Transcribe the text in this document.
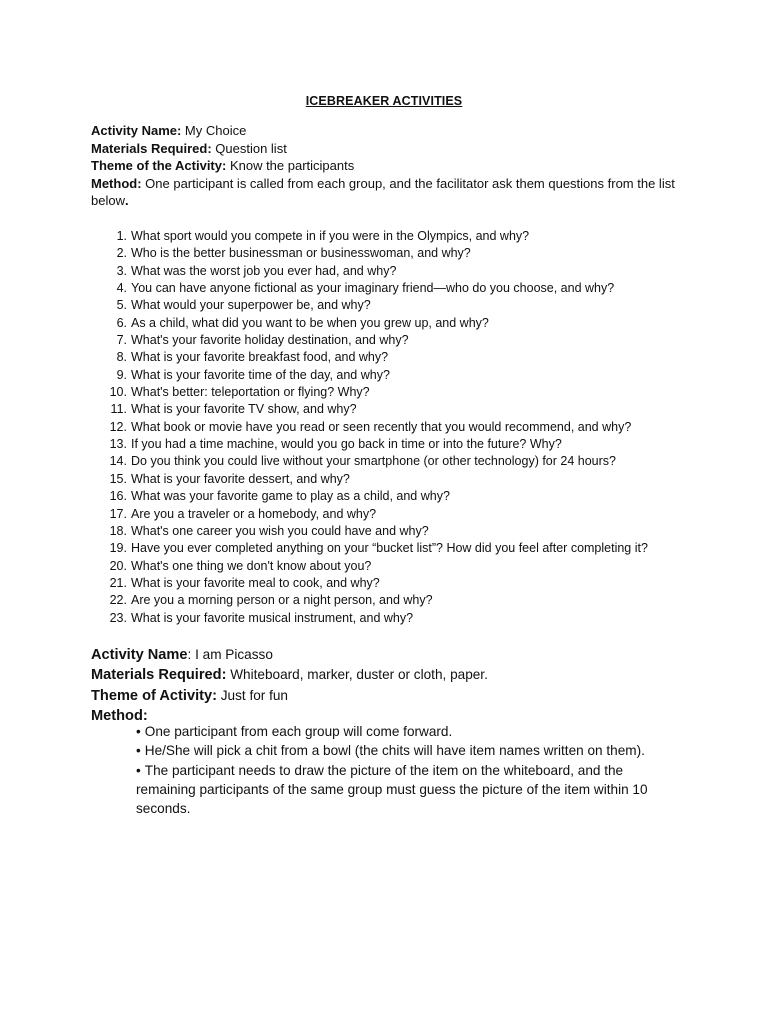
ICEBREAKER ACTIVITIES
Activity Name: My Choice
Materials Required: Question list
Theme of the Activity: Know the participants
Method: One participant is called from each group, and the facilitator ask them questions from the list below.
1. What sport would you compete in if you were in the Olympics, and why?
2. Who is the better businessman or businesswoman, and why?
3. What was the worst job you ever had, and why?
4. You can have anyone fictional as your imaginary friend—who do you choose, and why?
5. What would your superpower be, and why?
6. As a child, what did you want to be when you grew up, and why?
7. What's your favorite holiday destination, and why?
8. What is your favorite breakfast food, and why?
9. What is your favorite time of the day, and why?
10. What's better: teleportation or flying? Why?
11. What is your favorite TV show, and why?
12. What book or movie have you read or seen recently that you would recommend, and why?
13. If you had a time machine, would you go back in time or into the future? Why?
14. Do you think you could live without your smartphone (or other technology) for 24 hours?
15. What is your favorite dessert, and why?
16. What was your favorite game to play as a child, and why?
17. Are you a traveler or a homebody, and why?
18. What's one career you wish you could have and why?
19. Have you ever completed anything on your “bucket list”? How did you feel after completing it?
20. What's one thing we don't know about you?
21. What is your favorite meal to cook, and why?
22. Are you a morning person or a night person, and why?
23. What is your favorite musical instrument, and why?
Activity Name: I am Picasso
Materials Required: Whiteboard, marker, duster or cloth, paper.
Theme of Activity: Just for fun
Method:
• One participant from each group will come forward.
• He/She will pick a chit from a bowl (the chits will have item names written on them).
• The participant needs to draw the picture of the item on the whiteboard, and the remaining participants of the same group must guess the picture of the item within 10 seconds.
